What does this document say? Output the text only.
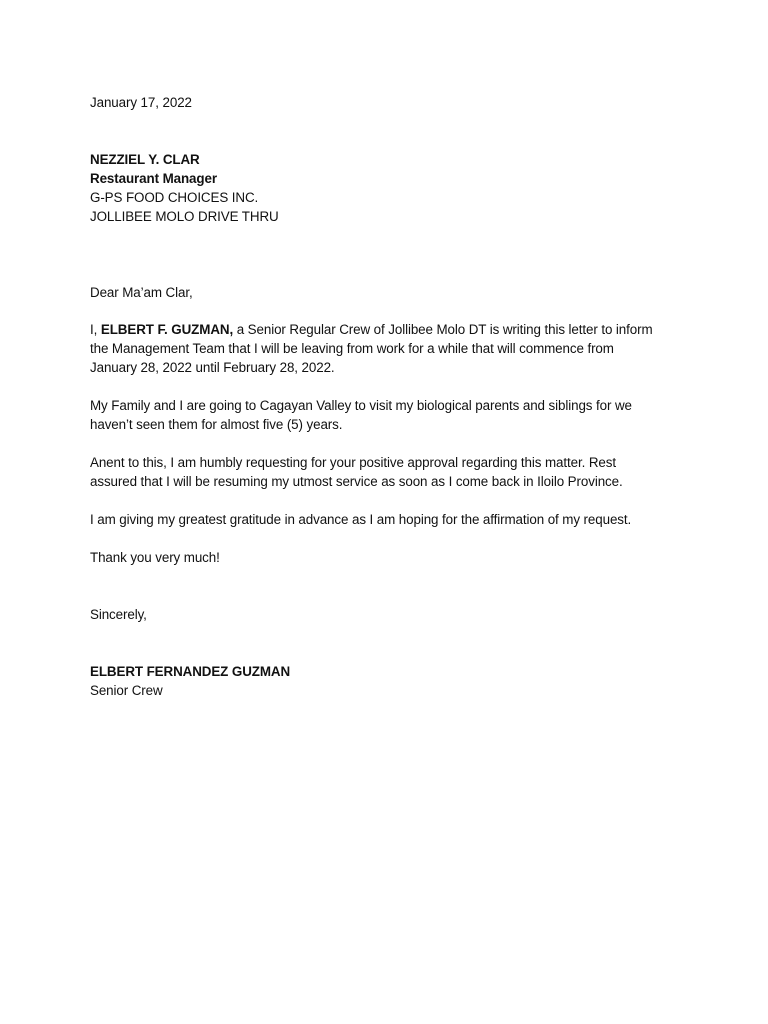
January 17, 2022
NEZZIEL Y. CLAR
Restaurant Manager
G-PS FOOD CHOICES INC.
JOLLIBEE MOLO DRIVE THRU
Dear Ma’am Clar,
I, ELBERT F. GUZMAN, a Senior Regular Crew of Jollibee Molo DT is writing this letter to inform
the Management Team that I will be leaving from work for a while that will commence from
January 28, 2022 until February 28, 2022.
My Family and I are going to Cagayan Valley to visit my biological parents and siblings for we
haven’t seen them for almost five (5) years.
Anent to this, I am humbly requesting for your positive approval regarding this matter. Rest
assured that I will be resuming my utmost service as soon as I come back in Iloilo Province.
I am giving my greatest gratitude in advance as I am hoping for the affirmation of my request.
Thank you very much!
Sincerely,
ELBERT FERNANDEZ GUZMAN
Senior Crew
